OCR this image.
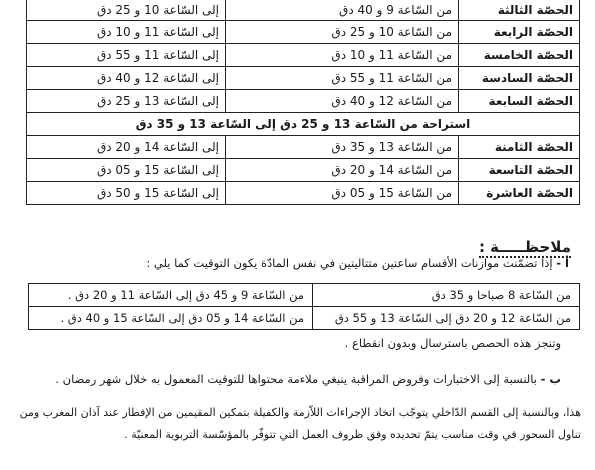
الحصّة الثالثة	من السّاعة 9 و 40 دق	إلى السّاعة 10 و 25 دق
الحصّة الرابعة	من السّاعة 10 و 25 دق	إلى السّاعة 11 و 10 دق
الحصّة الخامسة	من السّاعة 11 و 10 دق	إلى السّاعة 11 و 55 دق
الحصّة السادسة	من السّاعة 11 و 55 دق	إلى السّاعة 12 و 40 دق
الحصّة السابعة	من السّاعة 12 و 40 دق	إلى السّاعة 13 و 25 دق
استراحة من السّاعة 13 و 25 دق إلى السّاعة 13 و 35 دق		
الحصّة الثامنة	من السّاعة 13 و 35 دق	إلى السّاعة 14 و 20 دق
الحصّة التاسعة	من السّاعة 14 و 20 دق	إلى السّاعة 15 و 05 دق
الحصّة العاشرة	من السّاعة 15 و 05 دق	إلى السّاعة 15 و 50 دق
ملاحظـــــة :
أ - إذا تضمّنت موازنات الأقسام ساعتين متتاليتين في نفس المادّة يكون التوقيت كما يلي :
من السّاعة 8 صباحا و 35 دق	من السّاعة 9 و 45 دق إلى السّاعة 11 و 20 دق .
من السّاعة 12 و 20 دق إلى السّاعة 13 و 55 دق	من السّاعة 14 و 05 دق إلى السّاعة 15 و 40 دق .
وتنجز هذه الحصص باسترسال وبدون انقطاع .
ب - بالنسبة إلى الاختبارات وفروض المراقبة ينبغي ملاءمة محتواها للتوقيت المعمول به خلال شهر رمضان .
هذا، وبالنسبة إلى القسم الدّاخلي يتوجّب اتخاذ الإجراءات اللاّزمة والكفيلة بتمكين المقيمين من الإفطار عند آذان المغرب ومن
تناول السحور في وقت مناسب يتمّ تحديده وفق ظروف العمل التي تتوفّر بالمؤسّسة التربوية المعنيّة .
